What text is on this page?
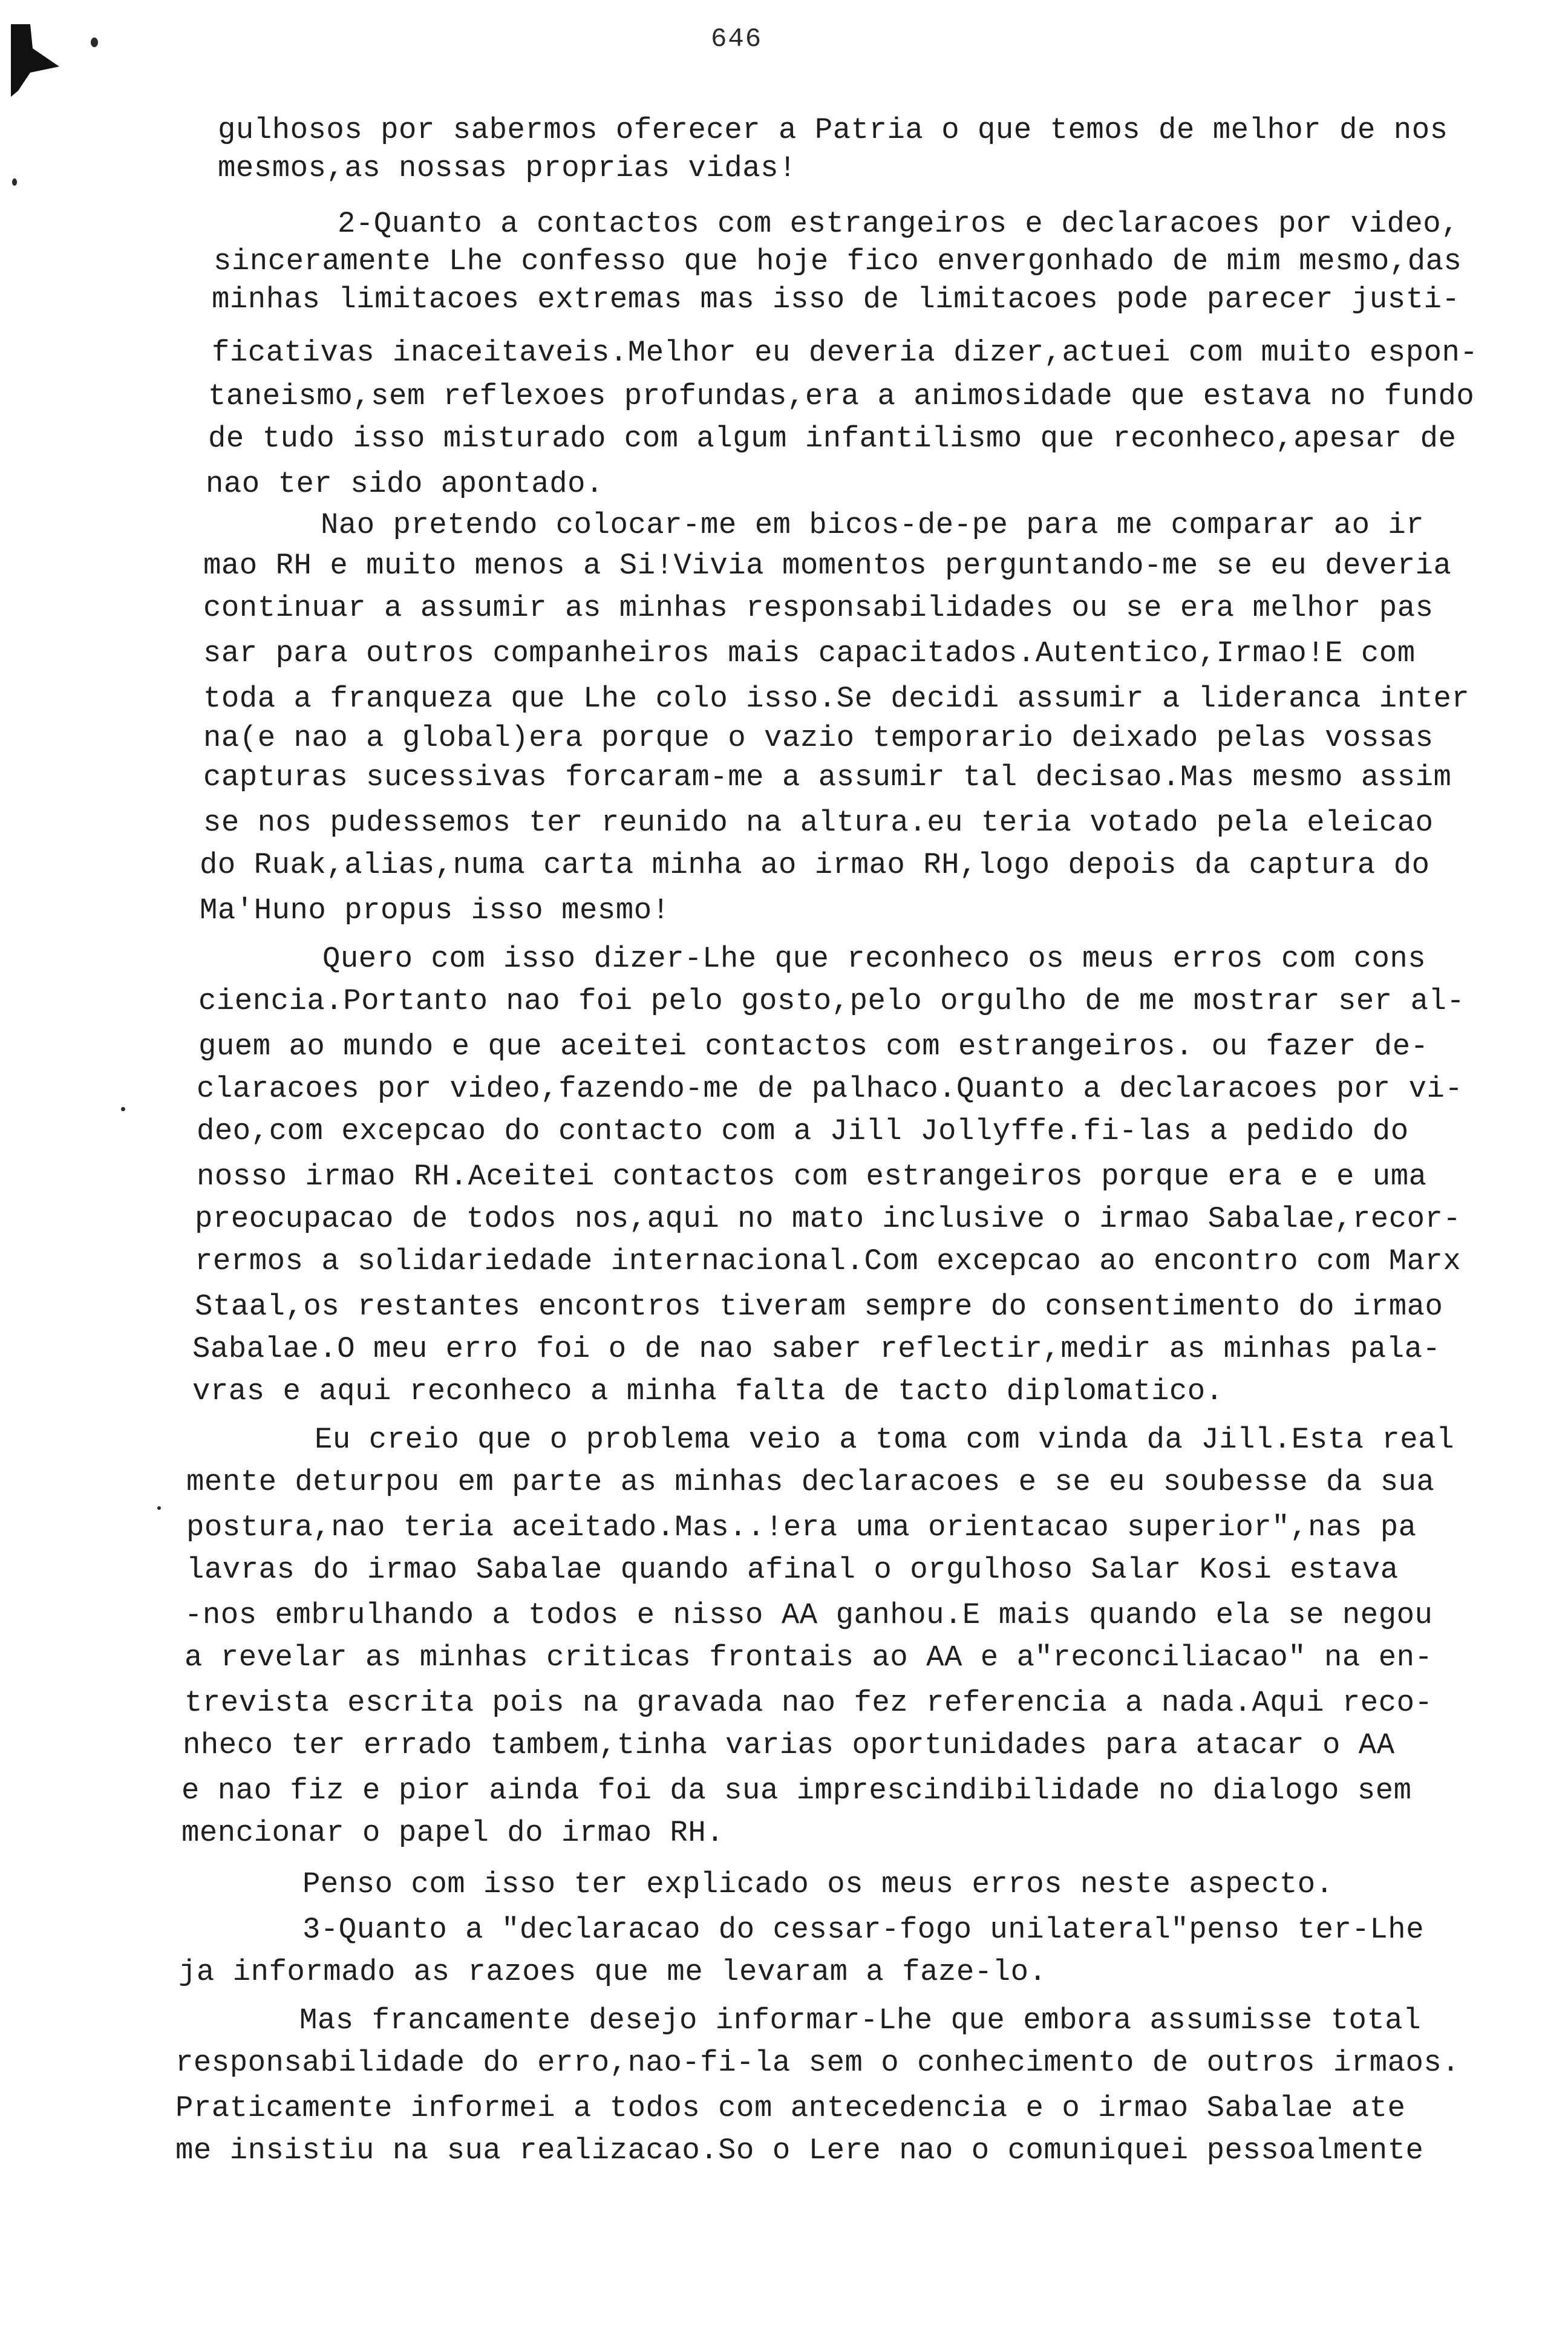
646
gulhosos por sabermos oferecer a Patria o que temos de melhor de nos
mesmos,as nossas proprias vidas!
2-Quanto a contactos com estrangeiros e declaracoes por video,
sinceramente Lhe confesso que hoje fico envergonhado de mim mesmo,das
minhas limitacoes extremas mas isso de limitacoes pode parecer justi-
ficativas inaceitaveis.Melhor eu deveria dizer,actuei com muito espon-
taneismo,sem reflexoes profundas,era a animosidade que estava no fundo
de tudo isso misturado com algum infantilismo que reconheco,apesar de
nao ter sido apontado.
Nao pretendo colocar-me em bicos-de-pe para me comparar ao ir
mao RH e muito menos a Si!Vivia momentos perguntando-me se eu deveria
continuar a assumir as minhas responsabilidades ou se era melhor pas
sar para outros companheiros mais capacitados.Autentico,Irmao!E com
toda a franqueza que Lhe colo isso.Se decidi assumir a lideranca inter
na(e nao a global)era porque o vazio temporario deixado pelas vossas
capturas sucessivas forcaram-me a assumir tal decisao.Mas mesmo assim
se nos pudessemos ter reunido na altura.eu teria votado pela eleicao
do Ruak,alias,numa carta minha ao irmao RH,logo depois da captura do
Ma'Huno propus isso mesmo!
Quero com isso dizer-Lhe que reconheco os meus erros com cons
ciencia.Portanto nao foi pelo gosto,pelo orgulho de me mostrar ser al-
guem ao mundo e que aceitei contactos com estrangeiros. ou fazer de-
claracoes por video,fazendo-me de palhaco.Quanto a declaracoes por vi-
deo,com excepcao do contacto com a Jill Jollyffe.fi-las a pedido do
nosso irmao RH.Aceitei contactos com estrangeiros porque era e e uma
preocupacao de todos nos,aqui no mato inclusive o irmao Sabalae,recor-
rermos a solidariedade internacional.Com excepcao ao encontro com Marx
Staal,os restantes encontros tiveram sempre do consentimento do irmao
Sabalae.O meu erro foi o de nao saber reflectir,medir as minhas pala-
vras e aqui reconheco a minha falta de tacto diplomatico.
Eu creio que o problema veio a toma com vinda da Jill.Esta real
mente deturpou em parte as minhas declaracoes e se eu soubesse da sua
postura,nao teria aceitado.Mas..!era uma orientacao superior",nas pa
lavras do irmao Sabalae quando afinal o orgulhoso Salar Kosi estava
-nos embrulhando a todos e nisso AA ganhou.E mais quando ela se negou
a revelar as minhas criticas frontais ao AA e a"reconciliacao" na en-
trevista escrita pois na gravada nao fez referencia a nada.Aqui reco-
nheco ter errado tambem,tinha varias oportunidades para atacar o AA
e nao fiz e pior ainda foi da sua imprescindibilidade no dialogo sem
mencionar o papel do irmao RH.
Penso com isso ter explicado os meus erros neste aspecto.
3-Quanto a "declaracao do cessar-fogo unilateral"penso ter-Lhe
ja informado as razoes que me levaram a faze-lo.
Mas francamente desejo informar-Lhe que embora assumisse total
responsabilidade do erro,nao-fi-la sem o conhecimento de outros irmaos.
Praticamente informei a todos com antecedencia e o irmao Sabalae ate
me insistiu na sua realizacao.So o Lere nao o comuniquei pessoalmente
